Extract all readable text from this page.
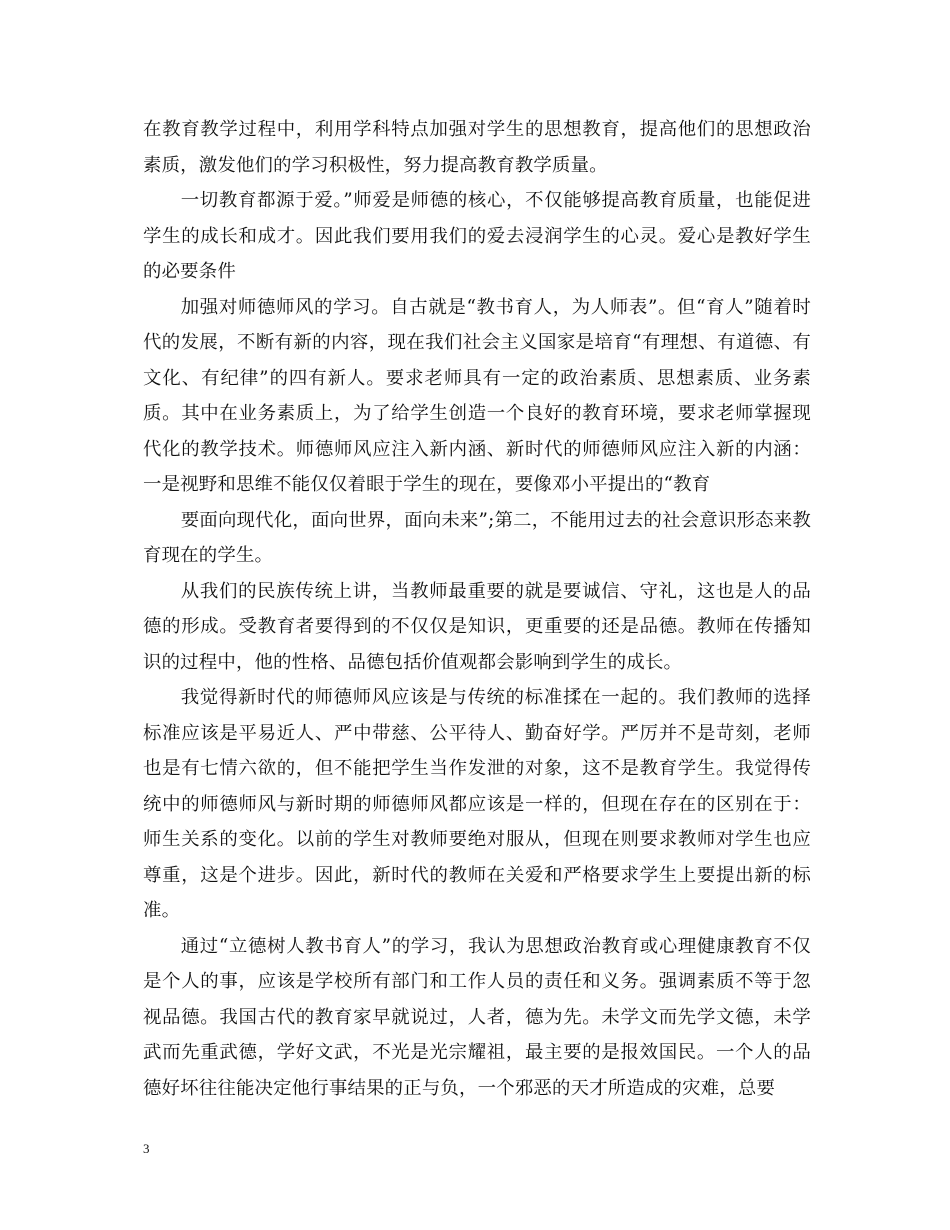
在教育教学过程中，利用学科特点加强对学生的思想教育，提高他们的思想政治素质，激发他们的学习积极性，努力提高教育教学质量。

一切教育都源于爱。”师爱是师德的核心，不仅能够提高教育质量，也能促进学生的成长和成才。因此我们要用我们的爱去浸润学生的心灵。爱心是教好学生的必要条件

加强对师德师风的学习。自古就是“教书育人，为人师表”。但“育人”随着时代的发展，不断有新的内容，现在我们社会主义国家是培育“有理想、有道德、有文化、有纪律”的四有新人。要求老师具有一定的政治素质、思想素质、业务素质。其中在业务素质上，为了给学生创造一个良好的教育环境，要求老师掌握现代化的教学技术。师德师风应注入新内涵、新时代的师德师风应注入新的内涵：一是视野和思维不能仅仅着眼于学生的现在，要像邓小平提出的“教育

要面向现代化，面向世界，面向未来”;第二，不能用过去的社会意识形态来教育现在的学生。

从我们的民族传统上讲，当教师最重要的就是要诚信、守礼，这也是人的品德的形成。受教育者要得到的不仅仅是知识，更重要的还是品德。教师在传播知识的过程中，他的性格、品德包括价值观都会影响到学生的成长。

我觉得新时代的师德师风应该是与传统的标准揉在一起的。我们教师的选择标准应该是平易近人、严中带慈、公平待人、勤奋好学。严厉并不是苛刻，老师也是有七情六欲的，但不能把学生当作发泄的对象，这不是教育学生。我觉得传统中的师德师风与新时期的师德师风都应该是一样的，但现在存在的区别在于：师生关系的变化。以前的学生对教师要绝对服从，但现在则要求教师对学生也应尊重，这是个进步。因此，新时代的教师在关爱和严格要求学生上要提出新的标准。

通过“立德树人教书育人”的学习，我认为思想政治教育或心理健康教育不仅是个人的事，应该是学校所有部门和工作人员的责任和义务。强调素质不等于忽视品德。我国古代的教育家早就说过，人者，德为先。未学文而先学文德，未学武而先重武德，学好文武，不光是光宗耀祖，最主要的是报效国民。一个人的品德好坏往往能决定他行事结果的正与负，一个邪恶的天才所造成的灾难，总要

3
